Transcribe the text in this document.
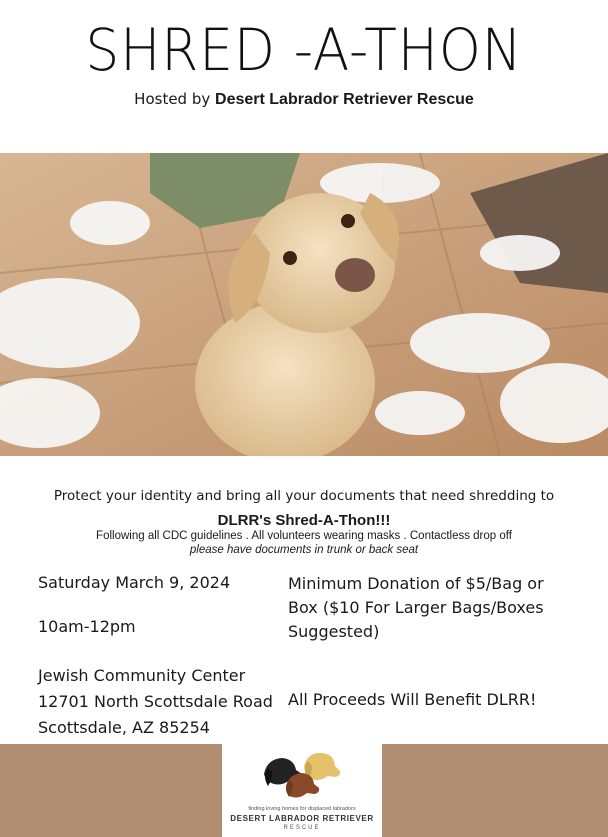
SHRED -A-THON
Hosted by Desert Labrador Retriever Rescue
Protect your identity and bring all your documents that need shredding to
DLRR's Shred-A-Thon!!!
Following all CDC guidelines . All volunteers wearing masks . Contactless drop off
please have documents in trunk or back seat
Saturday March 9, 2024
10am-12pm
Jewish Community Center
12701 North Scottsdale Road
Scottsdale, AZ 85254
Minimum Donation of $5/Bag or
Box ($10 For Larger Bags/Boxes
Suggested)
All Proceeds Will Benefit DLRR!
finding loving homes for displaced labradors
DESERT LABRADOR RETRIEVER
RESCUE
